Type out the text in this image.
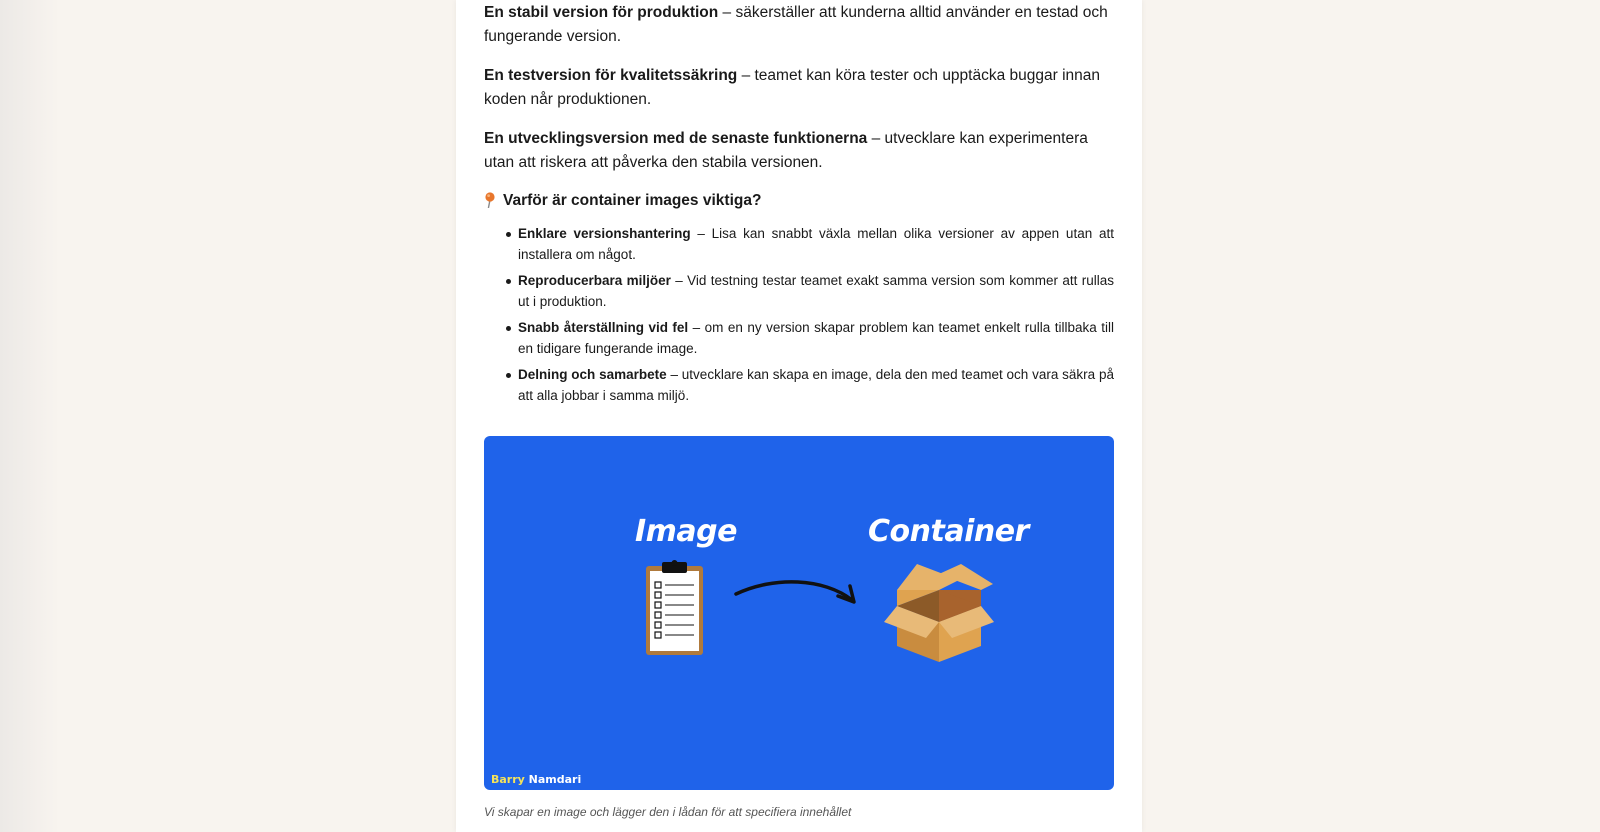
En stabil version för produktion – säkerställer att kunderna alltid använder en testad och fungerande version.

En testversion för kvalitetssäkring – teamet kan köra tester och upptäcka buggar innan koden når produktionen.

En utvecklingsversion med de senaste funktionerna – utvecklare kan experimentera utan att riskera att påverka den stabila versionen.

Varför är container images viktiga?
Enklare versionshantering – Lisa kan snabbt växla mellan olika versioner av appen utan att installera om något.
Reproducerbara miljöer – Vid testning testar teamet exakt samma version som kommer att rullas ut i produktion.
Snabb återställning vid fel – om en ny version skapar problem kan teamet enkelt rulla tillbaka till en tidigare fungerande image.
Delning och samarbete – utvecklare kan skapa en image, dela den med teamet och vara säkra på att alla jobbar i samma miljö.
Image	Container
Barry Namdari
Vi skapar en image och lägger den i lådan för att specifiera innehållet
